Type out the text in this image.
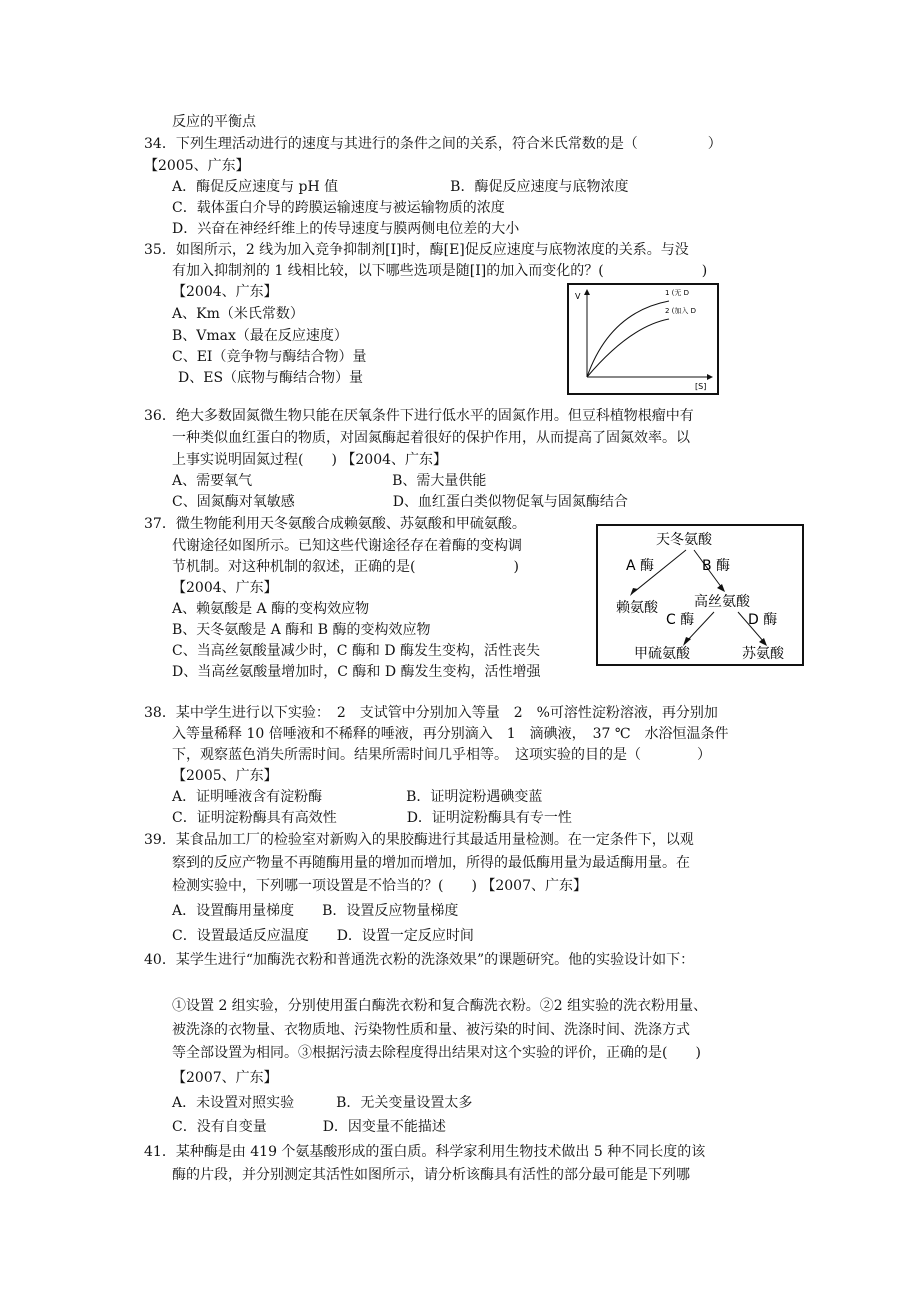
反应的平衡点
34．下列生理活动进行的速度与其进行的条件之间的关系，符合米氏常数的是（　　　　　）
【2005、广东】
A．酶促反应速度与 pH 值　　　　　　　　B．酶促反应速度与底物浓度
C．载体蛋白介导的跨膜运输速度与被运输物质的浓度
D．兴奋在神经纤维上的传导速度与膜两侧电位差的大小
35．如图所示，2 线为加入竞争抑制剂[I]时，酶[E]促反应速度与底物浓度的关系。与没
有加入抑制剂的 1 线相比较，以下哪些选项是随[I]的加入而变化的？(　　　　　　　)
【2004、广东】
A、Km（米氏常数）
B、Vmax（最在反应速度）
C、EI（竞争物与酶结合物）量
D、ES（底物与酶结合物）量
V
[S]
1 (无 D
2 (加入 D
36．绝大多数固氮微生物只能在厌氧条件下进行低水平的固氮作用。但豆科植物根瘤中有
一种类似血红蛋白的物质，对固氮酶起着很好的保护作用，从而提高了固氮效率。以
上事实说明固氮过程(　　) 【2004、广东】
A、需要氧气　　　　　　　　　　B、需大量供能
C、固氮酶对氧敏感　　　　　　　D、血红蛋白类似物促氧与固氮酶结合
37．微生物能利用天冬氨酸合成赖氨酸、苏氨酸和甲硫氨酸。
代谢途径如图所示。已知这些代谢途径存在着酶的变构调
节机制。对这种机制的叙述，正确的是(　　　　　　　)
【2004、广东】
A、赖氨酸是 A 酶的变构效应物
B、天冬氨酸是 A 酶和 B 酶的变构效应物
C、当高丝氨酸量减少时，C 酶和 D 酶发生变构，活性丧失
D、当高丝氨酸量增加时，C 酶和 D 酶发生变构，活性增强
天冬氨酸
A 酶	B 酶
赖氨酸	高丝氨酸
C 酶	D 酶
甲硫氨酸	苏氨酸
38．某中学生进行以下实验：　2　支试管中分别加入等量　2　%可溶性淀粉溶液，再分别加
入等量稀释 10 倍唾液和不稀释的唾液，再分别滴入　1　滴碘液，　37 ℃　水浴恒温条件
下，观察蓝色消失所需时间。结果所需时间几乎相等。　这项实验的目的是（　　　　）
【2005、广东】
A．证明唾液含有淀粉酶　　　　　　B．证明淀粉遇碘变蓝
C．证明淀粉酶具有高效性　　　　　D．证明淀粉酶具有专一性
39．某食品加工厂的检验室对新购入的果胶酶进行其最适用量检测。在一定条件下，以观
察到的反应产物量不再随酶用量的增加而增加，所得的最低酶用量为最适酶用量。在
检测实验中，下列哪一项设置是不恰当的？(　　) 【2007、广东】
A．设置酶用量梯度　　B．设置反应物量梯度
C．设置最适反应温度　　D．设置一定反应时间
40．某学生进行“加酶洗衣粉和普通洗衣粉的洗涤效果”的课题研究。他的实验设计如下：
①设置 2 组实验，分别使用蛋白酶洗衣粉和复合酶洗衣粉。②2 组实验的洗衣粉用量、
被洗涤的衣物量、衣物质地、污染物性质和量、被污染的时间、洗涤时间、洗涤方式
等全部设置为相同。③根据污渍去除程度得出结果对这个实验的评价，正确的是(　　)
【2007、广东】
A．未设置对照实验　　　B．无关变量设置太多
C．没有自变量　　　　D．因变量不能描述
41．某种酶是由 419 个氨基酸形成的蛋白质。科学家利用生物技术做出 5 种不同长度的该
酶的片段，并分别测定其活性如图所示，请分析该酶具有活性的部分最可能是下列哪
